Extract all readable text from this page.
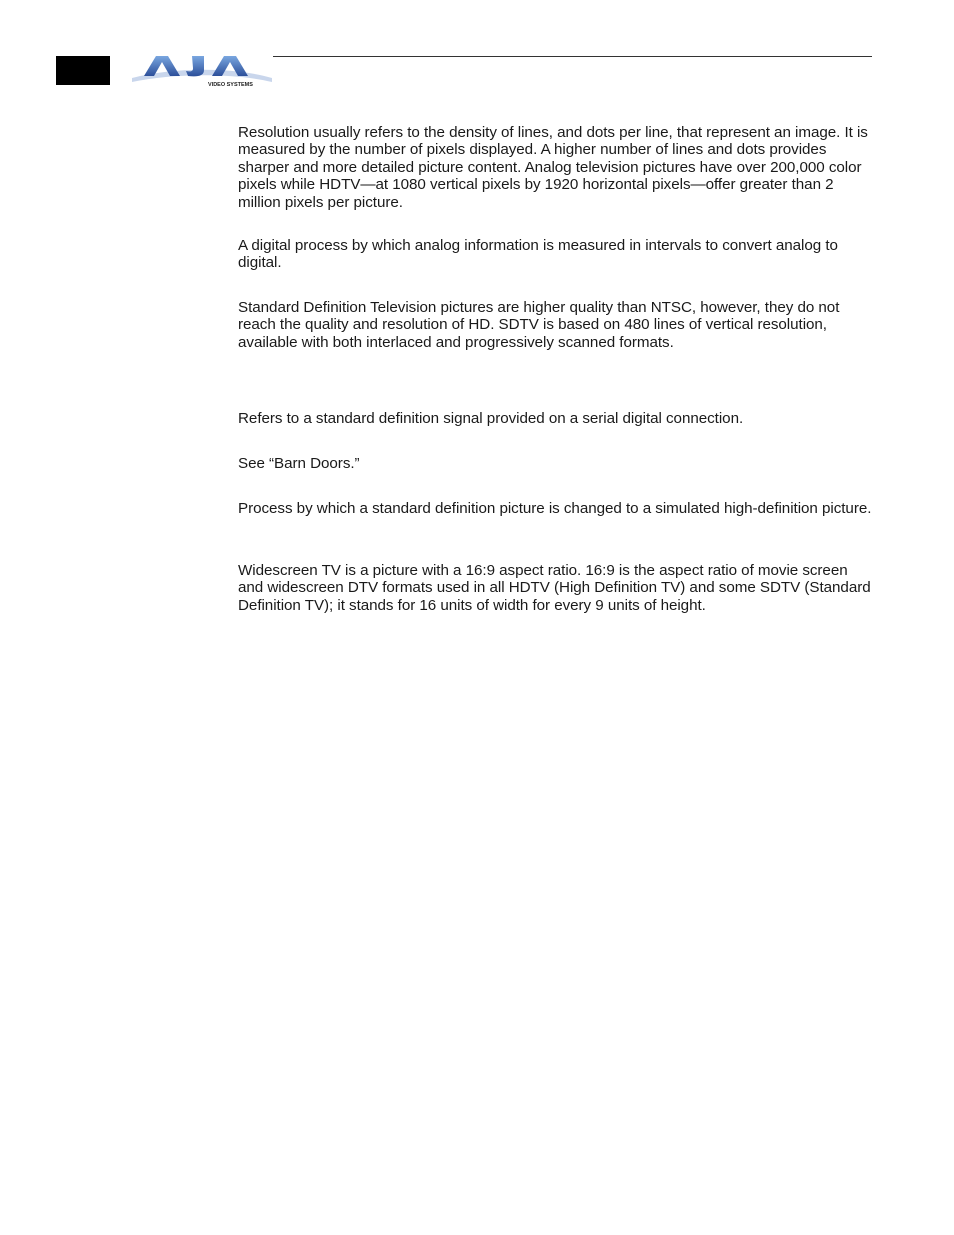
VIDEO SYSTEMS

Resolution usually refers to the density of lines, and dots per line, that represent an image. It is measured by the number of pixels displayed. A higher number of lines and dots provides sharper and more detailed picture content. Analog television pictures have over 200,000 color pixels while HDTV—at 1080 vertical pixels by 1920 horizontal pixels—offer greater than 2 million pixels per picture.

A digital process by which analog information is measured in intervals to convert analog to digital.

Standard Definition Television pictures are higher quality than NTSC, however, they do not reach the quality and resolution of HD. SDTV is based on 480 lines of vertical resolution, available with both interlaced and progressively scanned formats.

Refers to a standard definition signal provided on a serial digital connection.

See “Barn Doors.”

Process by which a standard definition picture is changed to a simulated high-definition picture.

Widescreen TV is a picture with a 16:9 aspect ratio. 16:9 is the aspect ratio of movie screen and widescreen DTV formats used in all HDTV (High Definition TV) and some SDTV (Standard Definition TV); it stands for 16 units of width for every 9 units of height.
